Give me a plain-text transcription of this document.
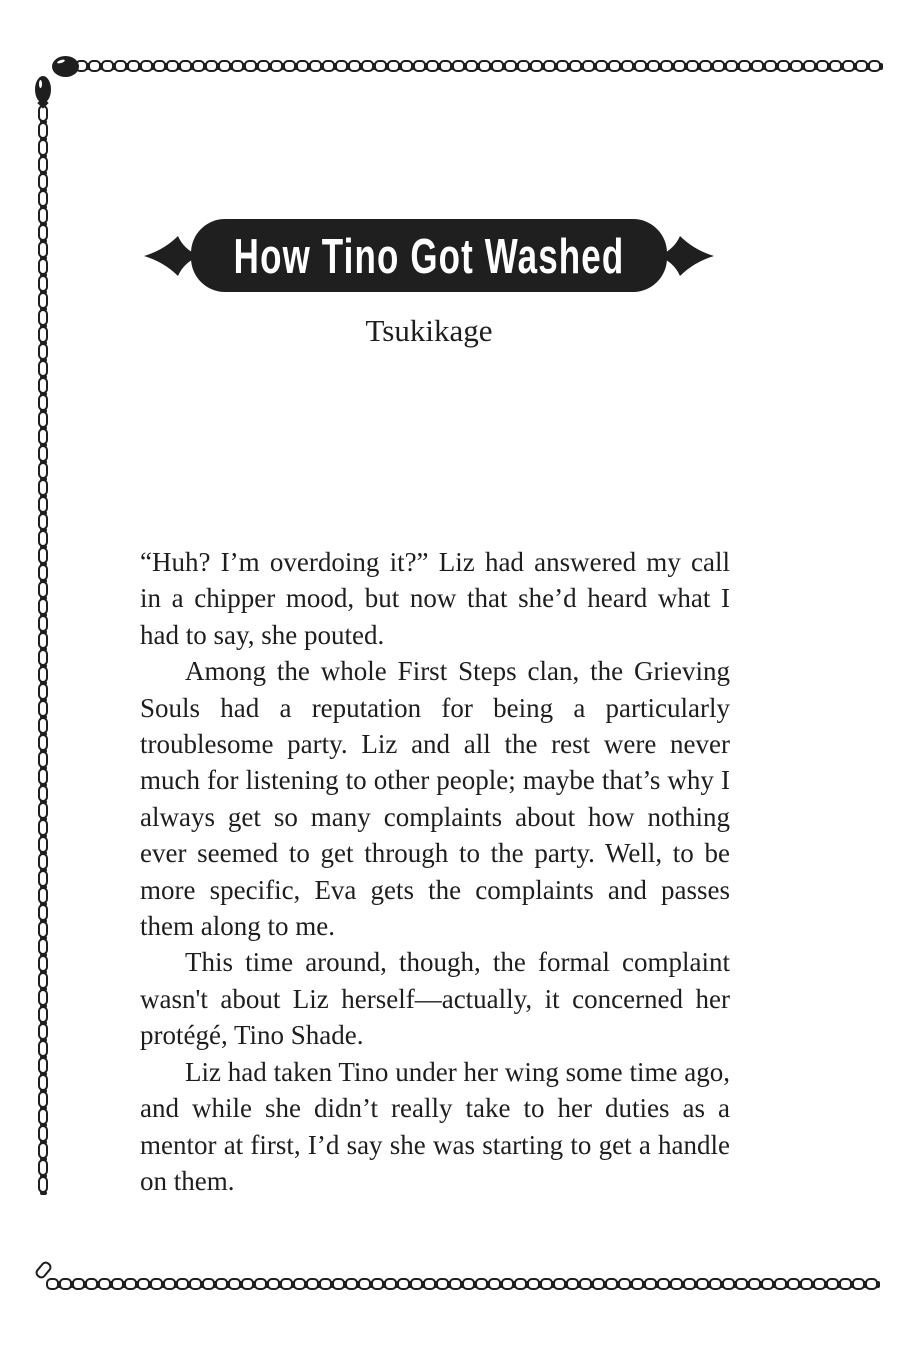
How Tino Got Washed
Tsukikage

“Huh? I’m overdoing it?” Liz had answered my call in a chipper mood, but now that she’d heard what I had to say, she pouted.

Among the whole First Steps clan, the Grieving Souls had a reputation for being a particularly troublesome party. Liz and all the rest were never much for listening to other people; maybe that’s why I always get so many complaints about how nothing ever seemed to get through to the party. Well, to be more specific, Eva gets the complaints and passes them along to me.

This time around, though, the formal complaint wasn't about Liz herself—actually, it concerned her protégé, Tino Shade.

Liz had taken Tino under her wing some time ago, and while she didn’t really take to her duties as a mentor at first, I’d say she was starting to get a handle on them.
